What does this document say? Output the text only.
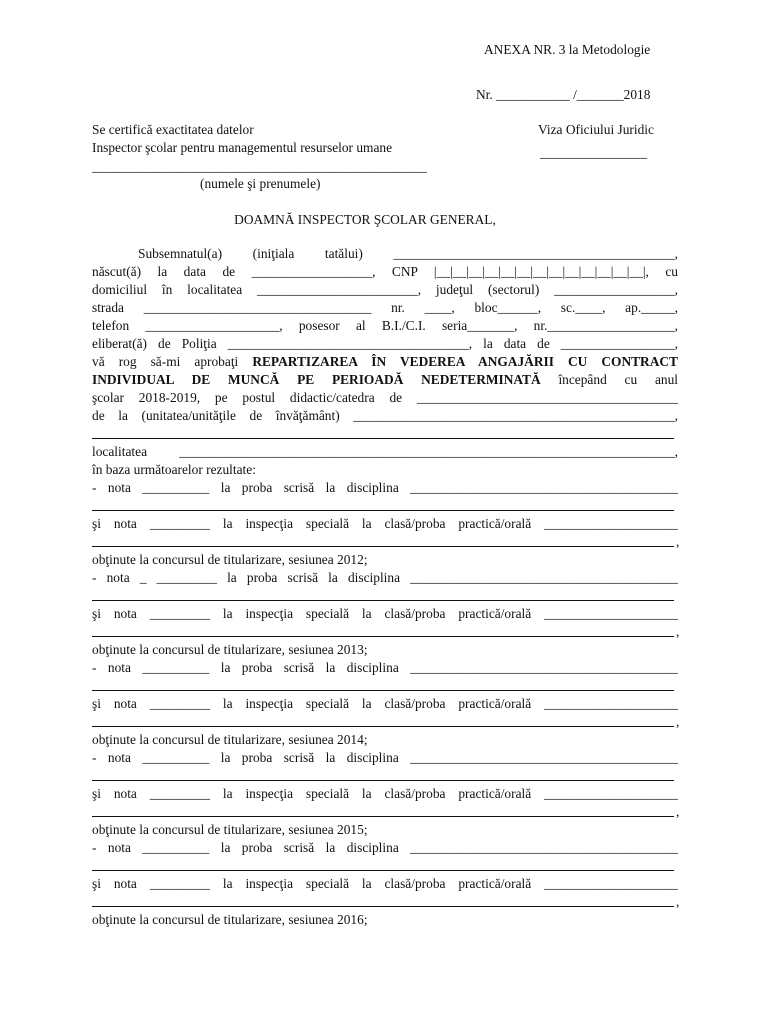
ANEXA NR. 3 la Metodologie
Nr. ___________ /_______2018
Se certifică exactitatea datelor
Inspector şcolar pentru managementul resurselor umane
Viza Oficiului Juridic
________________
__________________________________________________
(numele şi prenumele)
DOAMNĂ INSPECTOR ŞCOLAR GENERAL,
Subsemnatul(a) (iniţiala tatălui) __________________________________________,
născut(ă) la data de __________________, CNP |__|__|__|__|__|__|__|__|__|__|__|__|__|, cu
domiciliul în localitatea ________________________, judeţul (sectorul) __________________,
strada __________________________________ nr. ____, bloc______, sc.____, ap._____,
telefon ____________________, posesor al B.I./C.I. seria_______, nr.___________________,
eliberat(ă) de Poliţia ____________________________________, la data de _________________,
vă rog să-mi aprobaţi REPARTIZAREA ÎN VEDEREA ANGAJĂRII CU CONTRACT
INDIVIDUAL DE MUNCĂ PE PERIOADĂ NEDETERMINATĂ începând cu anul
şcolar 2018-2019, pe postul didactic/catedra de _______________________________________
de la (unitatea/unităţile de învăţământ) ________________________________________________,
localitatea __________________________________________________________________________,
în baza următoarelor rezultate:
- nota __________ la proba scrisă la disciplina ________________________________________
şi nota _________ la inspecţia specială la clasă/proba practică/orală ____________________
,
obţinute la concursul de titularizare, sesiunea 2012;
- nota _ _________ la proba scrisă la disciplina ________________________________________
şi nota _________ la inspecţia specială la clasă/proba practică/orală ____________________
,
obţinute la concursul de titularizare, sesiunea 2013;
- nota __________ la proba scrisă la disciplina ________________________________________
şi nota _________ la inspecţia specială la clasă/proba practică/orală ____________________
,
obţinute la concursul de titularizare, sesiunea 2014;
- nota __________ la proba scrisă la disciplina ________________________________________
şi nota _________ la inspecţia specială la clasă/proba practică/orală ____________________
,
obţinute la concursul de titularizare, sesiunea 2015;
- nota __________ la proba scrisă la disciplina ________________________________________
şi nota _________ la inspecţia specială la clasă/proba practică/orală ____________________
,
obţinute la concursul de titularizare, sesiunea 2016;
